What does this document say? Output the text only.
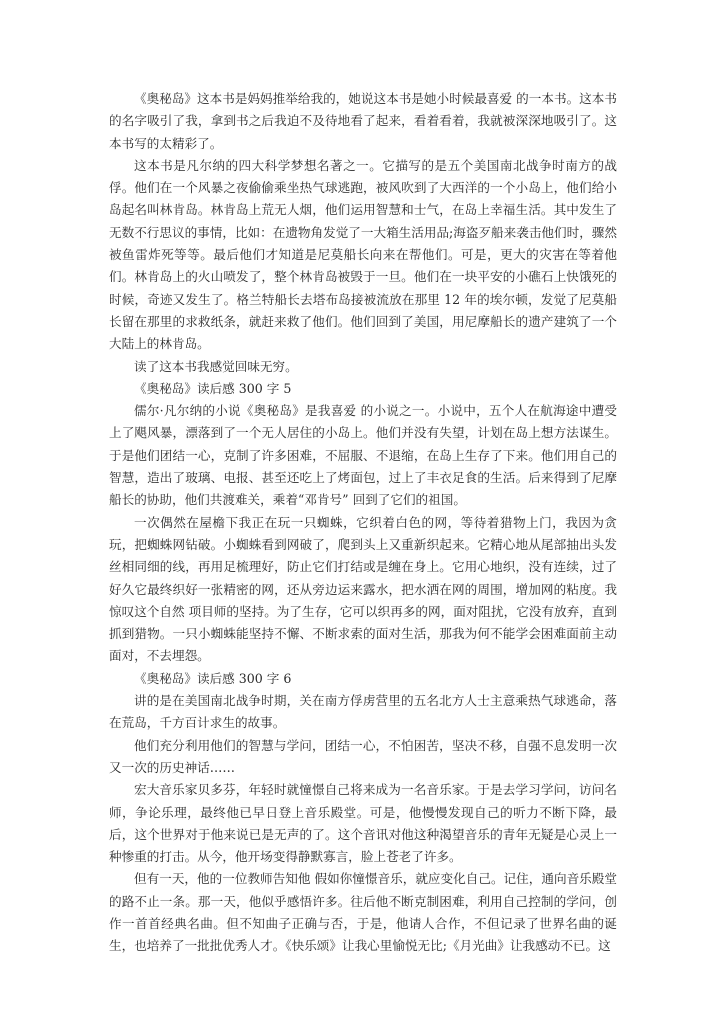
《奥秘岛》这本书是妈妈推举给我的，她说这本书是她小时候最喜爱 的一本书。这本书的名字吸引了我，拿到书之后我迫不及待地看了起来，看着看着，我就被深深地吸引了。这本书写的太精彩了。

这本书是凡尔纳的四大科学梦想名著之一。它描写的是五个美国南北战争时南方的战俘。他们在一个风暴之夜偷偷乘坐热气球逃跑，被风吹到了大西洋的一个小岛上，他们给小岛起名叫林肯岛。林肯岛上荒无人烟，他们运用智慧和士气，在岛上幸福生活。其中发生了无数不行思议的事情，比如：在遗物角发觉了一大箱生活用品;海盗歹船来袭击他们时，骤然被鱼雷炸死等等。最后他们才知道是尼莫船长向来在帮他们。可是，更大的灾害在等着他们。林肯岛上的火山喷发了，整个林肯岛被毁于一旦。他们在一块平安的小礁石上快饿死的时候，奇迹又发生了。格兰特船长去塔布岛接被流放在那里 12 年的埃尔顿，发觉了尼莫船长留在那里的求救纸条，就赶来救了他们。他们回到了美国，用尼摩船长的遗产建筑了一个大陆上的林肯岛。

读了这本书我感觉回味无穷。

《奥秘岛》读后感 300 字 5

儒尔·凡尔纳的小说《奥秘岛》是我喜爱 的小说之一。小说中，五个人在航海途中遭受上了飓风暴，漂落到了一个无人居住的小岛上。他们并没有失望，计划在岛上想方法谋生。于是他们团结一心，克制了许多困难，不屈服、不退缩，在岛上生存了下来。他们用自己的智慧，造出了玻璃、电报、甚至还吃上了烤面包，过上了丰衣足食的生活。后来得到了尼摩船长的协助，他们共渡难关，乘着“邓肯号” 回到了它们的祖国。

一次偶然在屋檐下我正在玩一只蜘蛛，它织着白色的网，等待着猎物上门，我因为贪玩，把蜘蛛网钻破。小蜘蛛看到网破了，爬到头上又重新织起来。它精心地从尾部抽出头发丝相同细的线，再用足梳理好，防止它们打结或是缠在身上。它用心地织，没有连续，过了好久它最终织好一张精密的网，还从旁边运来露水，把水洒在网的周围，增加网的粘度。我惊叹这个自然 项目师的坚持。为了生存，它可以织再多的网，面对阻扰，它没有放弃，直到抓到猎物。一只小蜘蛛能坚持不懈、不断求索的面对生活，那我为何不能学会困难面前主动面对，不去埋怨。

《奥秘岛》读后感 300 字 6

讲的是在美国南北战争时期，关在南方俘虏营里的五名北方人士主意乘热气球逃命，落在荒岛，千方百计求生的故事。

他们充分利用他们的智慧与学问，团结一心，不怕困苦，坚决不移，自强不息发明一次又一次的历史神话……

宏大音乐家贝多芬，年轻时就憧憬自己将来成为一名音乐家。于是去学习学问，访问名师，争论乐理，最终他已早日登上音乐殿堂。可是，他慢慢发现自己的听力不断下降，最后，这个世界对于他来说已是无声的了。这个音讯对他这种渴望音乐的青年无疑是心灵上一种惨重的打击。从今，他开场变得静默寡言，脸上苍老了许多。

但有一天，他的一位教师告知他 假如你憧憬音乐，就应变化自己。记住，通向音乐殿堂的路不止一条。那一天，他似乎感悟许多。往后他不断克制困难，利用自己控制的学问，创作一首首经典名曲。但不知曲子正确与否，于是，他请人合作，不但记录了世界名曲的诞生，也培养了一批批优秀人才。《快乐颂》让我心里愉悦无比;《月光曲》让我感动不已。这
